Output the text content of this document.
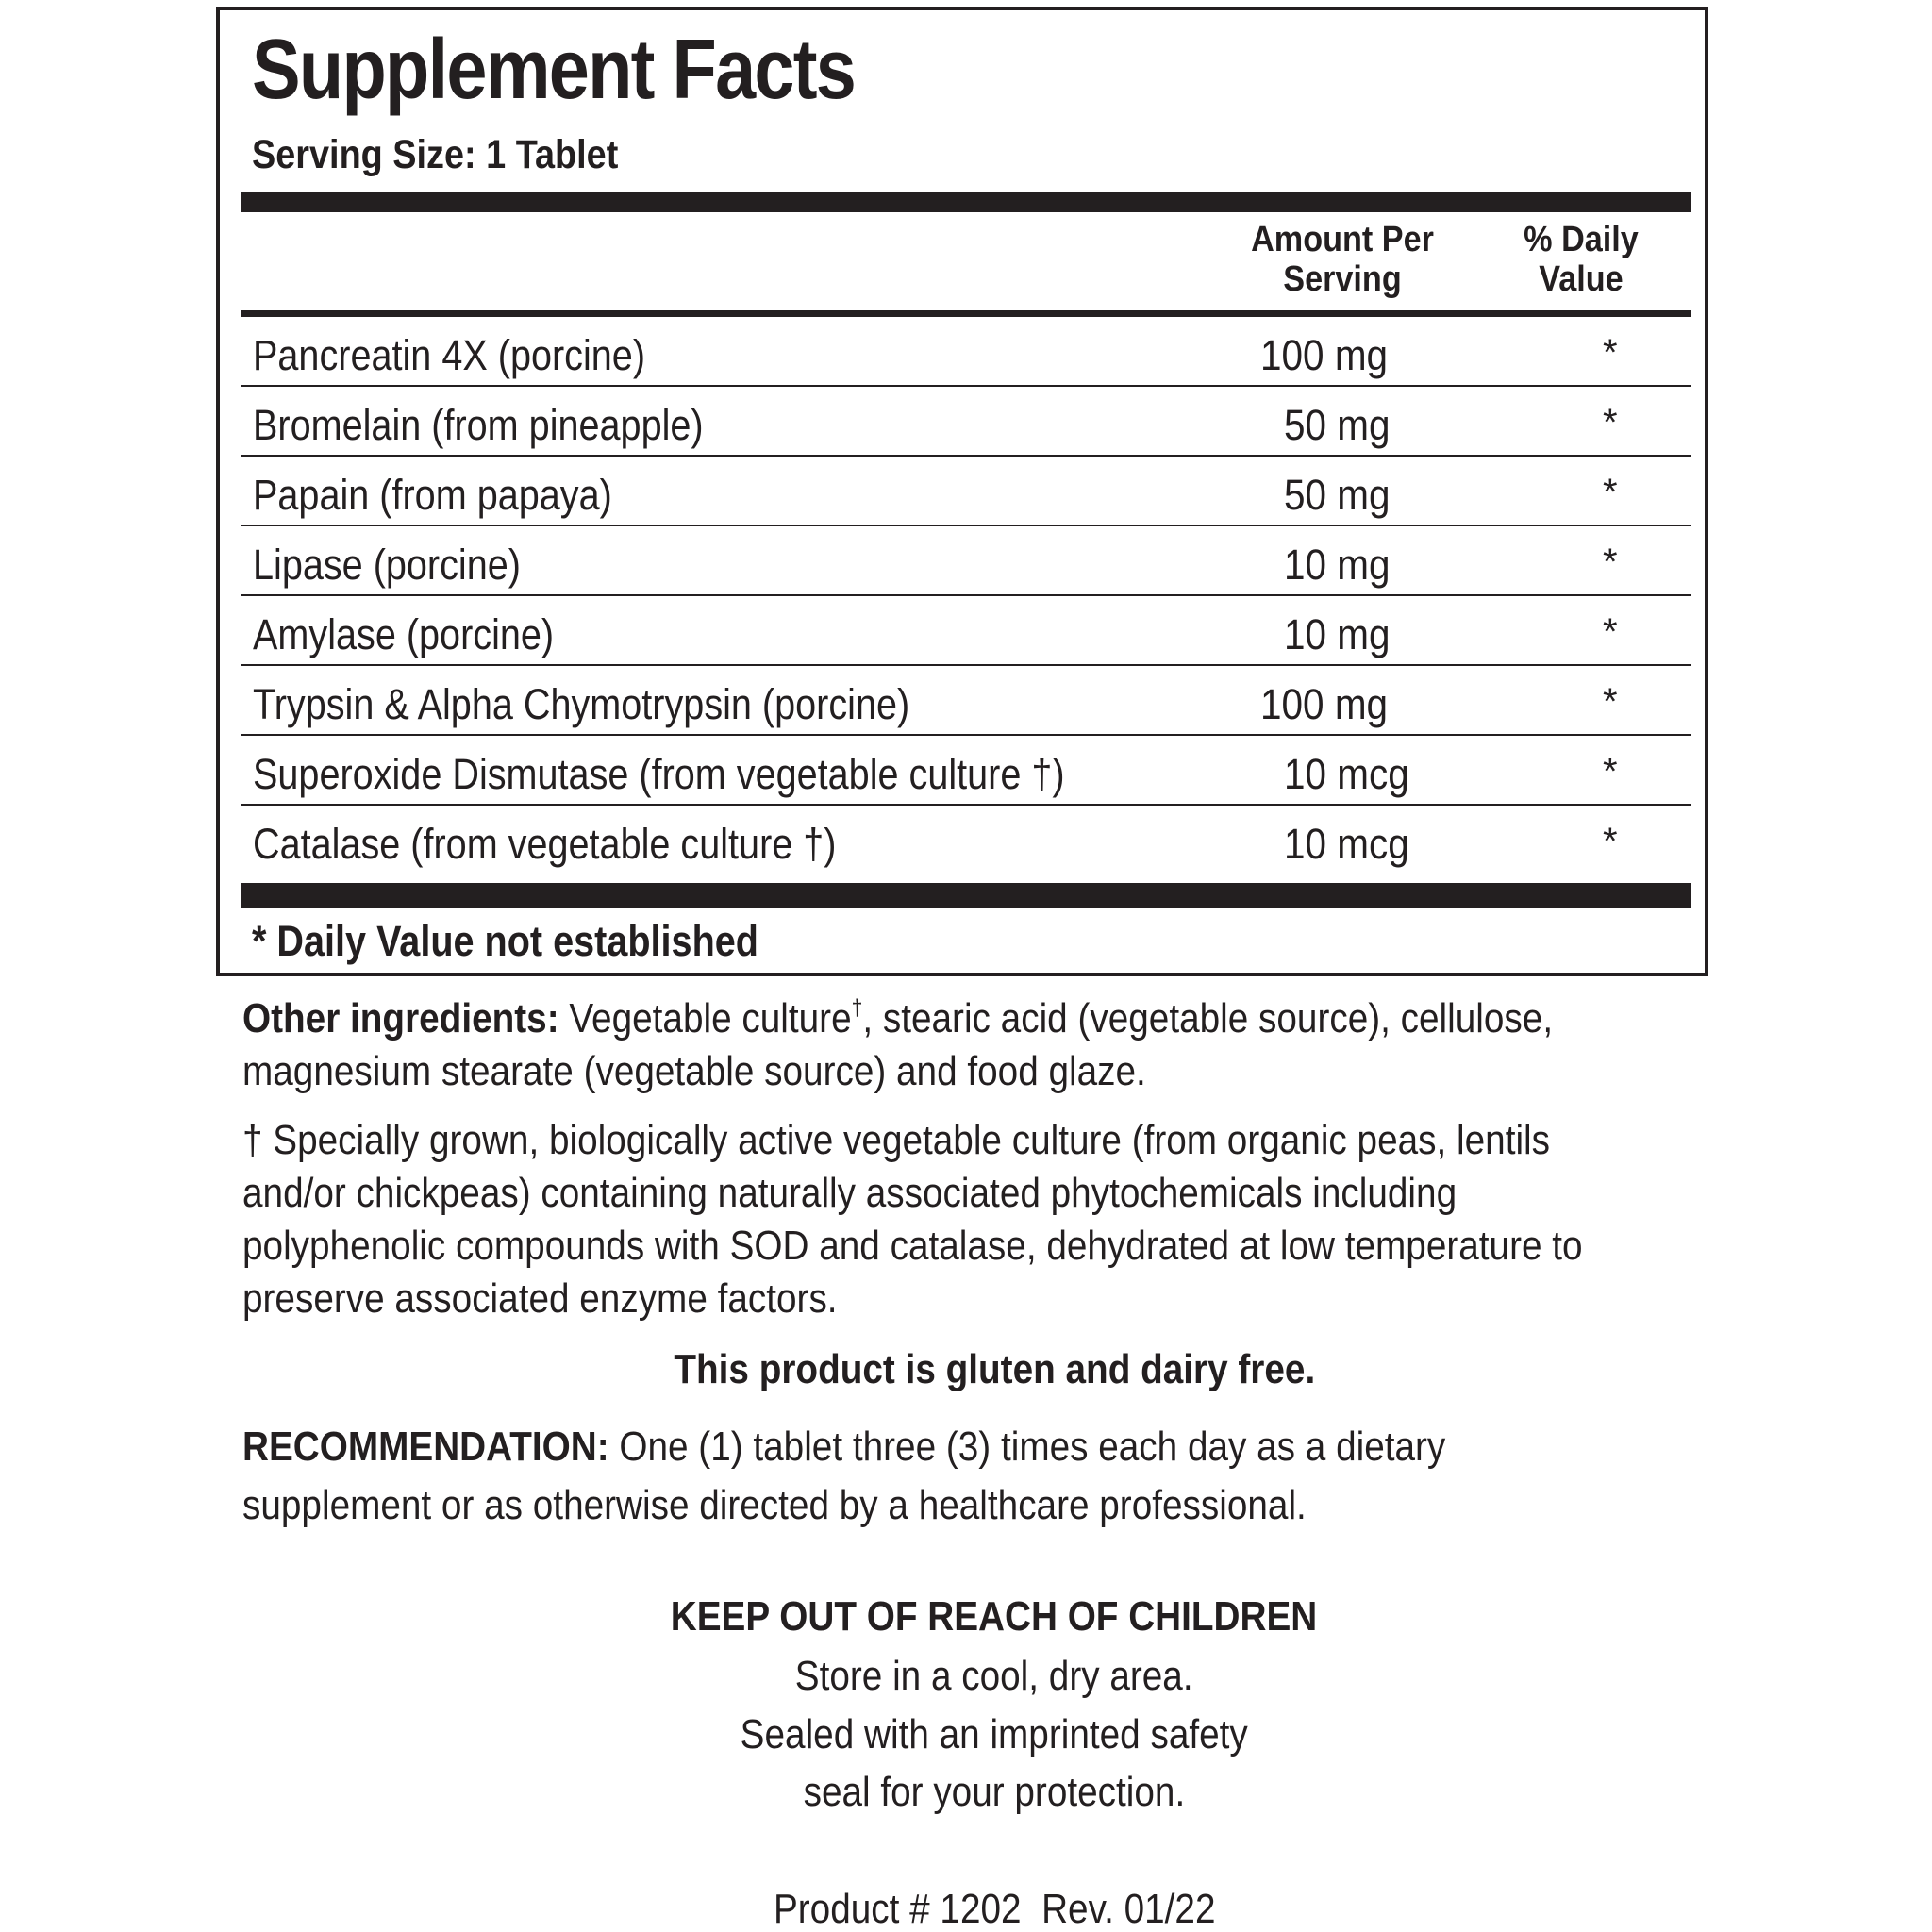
Supplement Facts
Serving Size: 1 Tablet
Amount Per
Serving
% Daily
Value
Pancreatin 4X (porcine)	100 mg	*
Bromelain (from pineapple)	50 mg	*
Papain (from papaya)	50 mg	*
Lipase (porcine)	10 mg	*
Amylase (porcine)	10 mg	*
Trypsin & Alpha Chymotrypsin (porcine)	100 mg	*
Superoxide Dismutase (from vegetable culture †)	10 mcg	*
Catalase (from vegetable culture †)	10 mcg	*
* Daily Value not established
Other ingredients: Vegetable culture†, stearic acid (vegetable source), cellulose, magnesium stearate (vegetable source) and food glaze.
† Specially grown, biologically active vegetable culture (from organic peas, lentils and/or chickpeas) containing naturally associated phytochemicals including polyphenolic compounds with SOD and catalase, dehydrated at low temperature to preserve associated enzyme factors.
This product is gluten and dairy free.
RECOMMENDATION: One (1) tablet three (3) times each day as a dietary supplement or as otherwise directed by a healthcare professional.
KEEP OUT OF REACH OF CHILDREN
Store in a cool, dry area.
Sealed with an imprinted safety
seal for your protection.
Product # 1202  Rev. 01/22
